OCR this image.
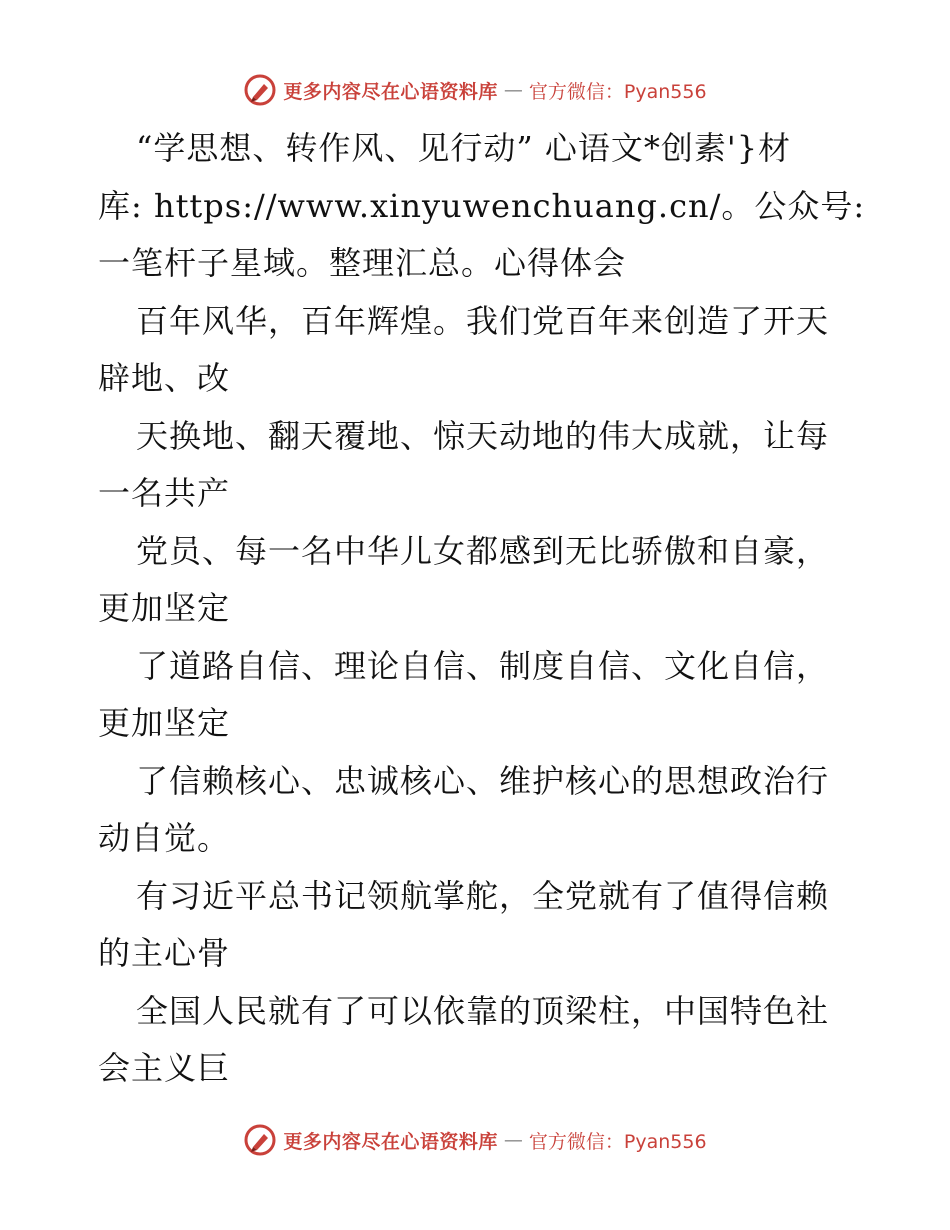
更多内容尽在心语资料库 — 官方微信：Pyan556
“学思想、转作风、见行动” 心语文*创素'}材
库: https://www.xinyuwenchuang.cn/。公众号:
一笔杆子星域。整理汇总。心得体会
百年风华，百年辉煌。我们党百年来创造了开天
辟地、改
天换地、翻天覆地、惊天动地的伟大成就，让每
一名共产
党员、每一名中华儿女都感到无比骄傲和自豪，
更加坚定
了道路自信、理论自信、制度自信、文化自信，
更加坚定
了信赖核心、忠诚核心、维护核心的思想政治行
动自觉。
有习近平总书记领航掌舵，全党就有了值得信赖
的主心骨
全国人民就有了可以依靠的顶梁柱，中国特色社
会主义巨
更多内容尽在心语资料库 — 官方微信：Pyan556
